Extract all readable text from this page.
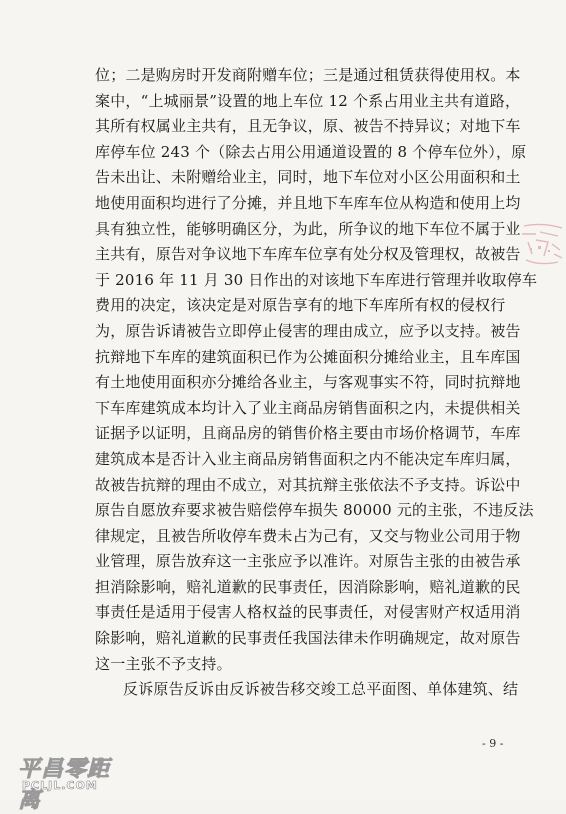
位；二是购房时开发商附赠车位；三是通过租赁获得使用权。本
案中，“上城丽景”设置的地上车位 12 个系占用业主共有道路，
其所有权属业主共有，且无争议，原、被告不持异议；对地下车
库停车位 243 个（除去占用公用通道设置的 8 个停车位外），原
告未出让、未附赠给业主，同时，地下车位对小区公用面积和土
地使用面积均进行了分摊，并且地下车库车位从构造和使用上均
具有独立性，能够明确区分，为此，所争议的地下车位不属于业
主共有，原告对争议地下车库车位享有处分权及管理权，故被告
于 2016 年 11 月 30 日作出的对该地下车库进行管理并收取停车
费用的决定，该决定是对原告享有的地下车库所有权的侵权行
为，原告诉请被告立即停止侵害的理由成立，应予以支持。被告
抗辩地下车库的建筑面积已作为公摊面积分摊给业主，且车库国
有土地使用面积亦分摊给各业主，与客观事实不符，同时抗辩地
下车库建筑成本均计入了业主商品房销售面积之内，未提供相关
证据予以证明，且商品房的销售价格主要由市场价格调节，车库
建筑成本是否计入业主商品房销售面积之内不能决定车库归属，
故被告抗辩的理由不成立，对其抗辩主张依法不予支持。诉讼中
原告自愿放弃要求被告赔偿停车损失 80000 元的主张，不违反法
律规定，且被告所收停车费未占为己有，又交与物业公司用于物
业管理，原告放弃这一主张应予以准许。对原告主张的由被告承
担消除影响，赔礼道歉的民事责任，因消除影响，赔礼道歉的民
事责任是适用于侵害人格权益的民事责任，对侵害财产权适用消
除影响，赔礼道歉的民事责任我国法律未作明确规定，故对原告
这一主张不予支持。
反诉原告反诉由反诉被告移交竣工总平面图、单体建筑、结
- 9 -
平昌零距离
PCLJL.COM
